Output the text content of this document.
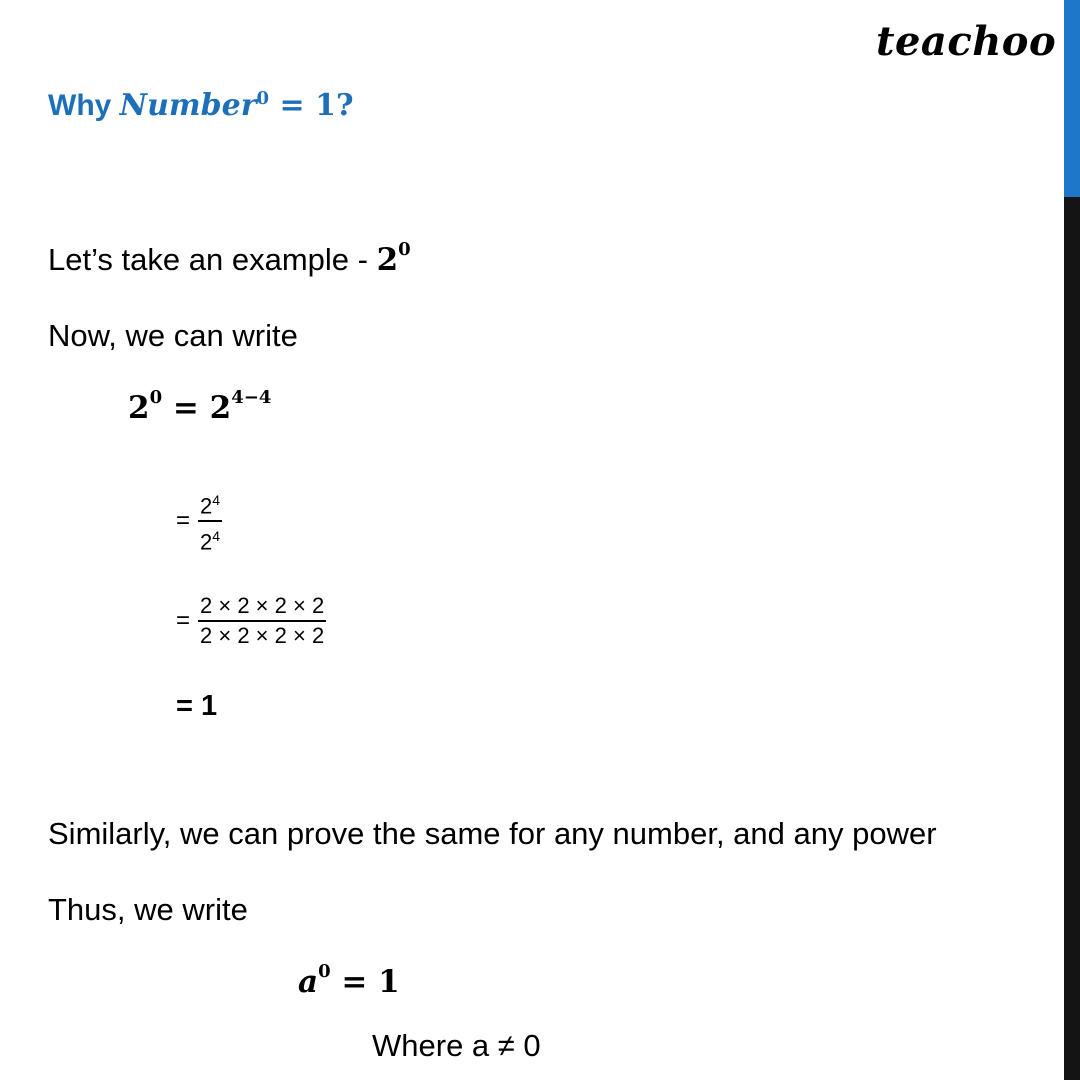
teachoo
Why Number$^0$ = 1?
Let’s take an example - $2^0$
Now, we can write
$2^0 = 2^{4-4}$
= $\frac{2^4}{2^4}$
= $\frac{2 \times 2 \times 2 \times 2}{2 \times 2 \times 2 \times 2}$
= 1
Similarly, we can prove the same for any number, and any power
Thus, we write
$a^0 = 1$
Where a ≠ 0
